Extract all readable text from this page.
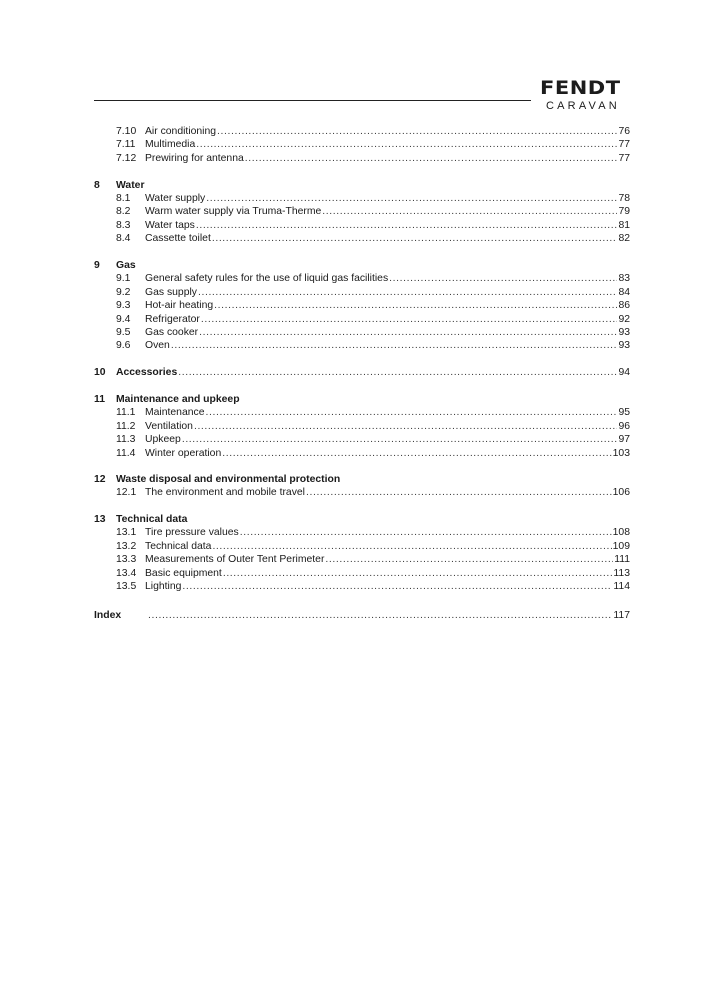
FENDT
CARAVAN
7.10 Air conditioning .....	76
7.11 Multimedia .....	77
7.12 Prewiring for antenna .....	77
8 Water
8.1 Water supply .....	78
8.2 Warm water supply via Truma-Therme .....	79
8.3 Water taps .....	81
8.4 Cassette toilet .....	82
9 Gas
9.1 General safety rules for the use of liquid gas facilities .....	83
9.2 Gas supply .....	84
9.3 Hot-air heating .....	86
9.4 Refrigerator .....	92
9.5 Gas cooker .....	93
9.6 Oven .....	93
10 Accessories .....	94
11 Maintenance and upkeep
11.1 Maintenance .....	95
11.2 Ventilation .....	96
11.3 Upkeep .....	97
11.4 Winter operation .....	103
12 Waste disposal and environmental protection
12.1 The environment and mobile travel .....	106
13 Technical data
13.1 Tire pressure values .....	108
13.2 Technical data .....	109
13.3 Measurements of Outer Tent Perimeter .....	111
13.4 Basic equipment .....	113
13.5 Lighting .....	114
Index .....	117
